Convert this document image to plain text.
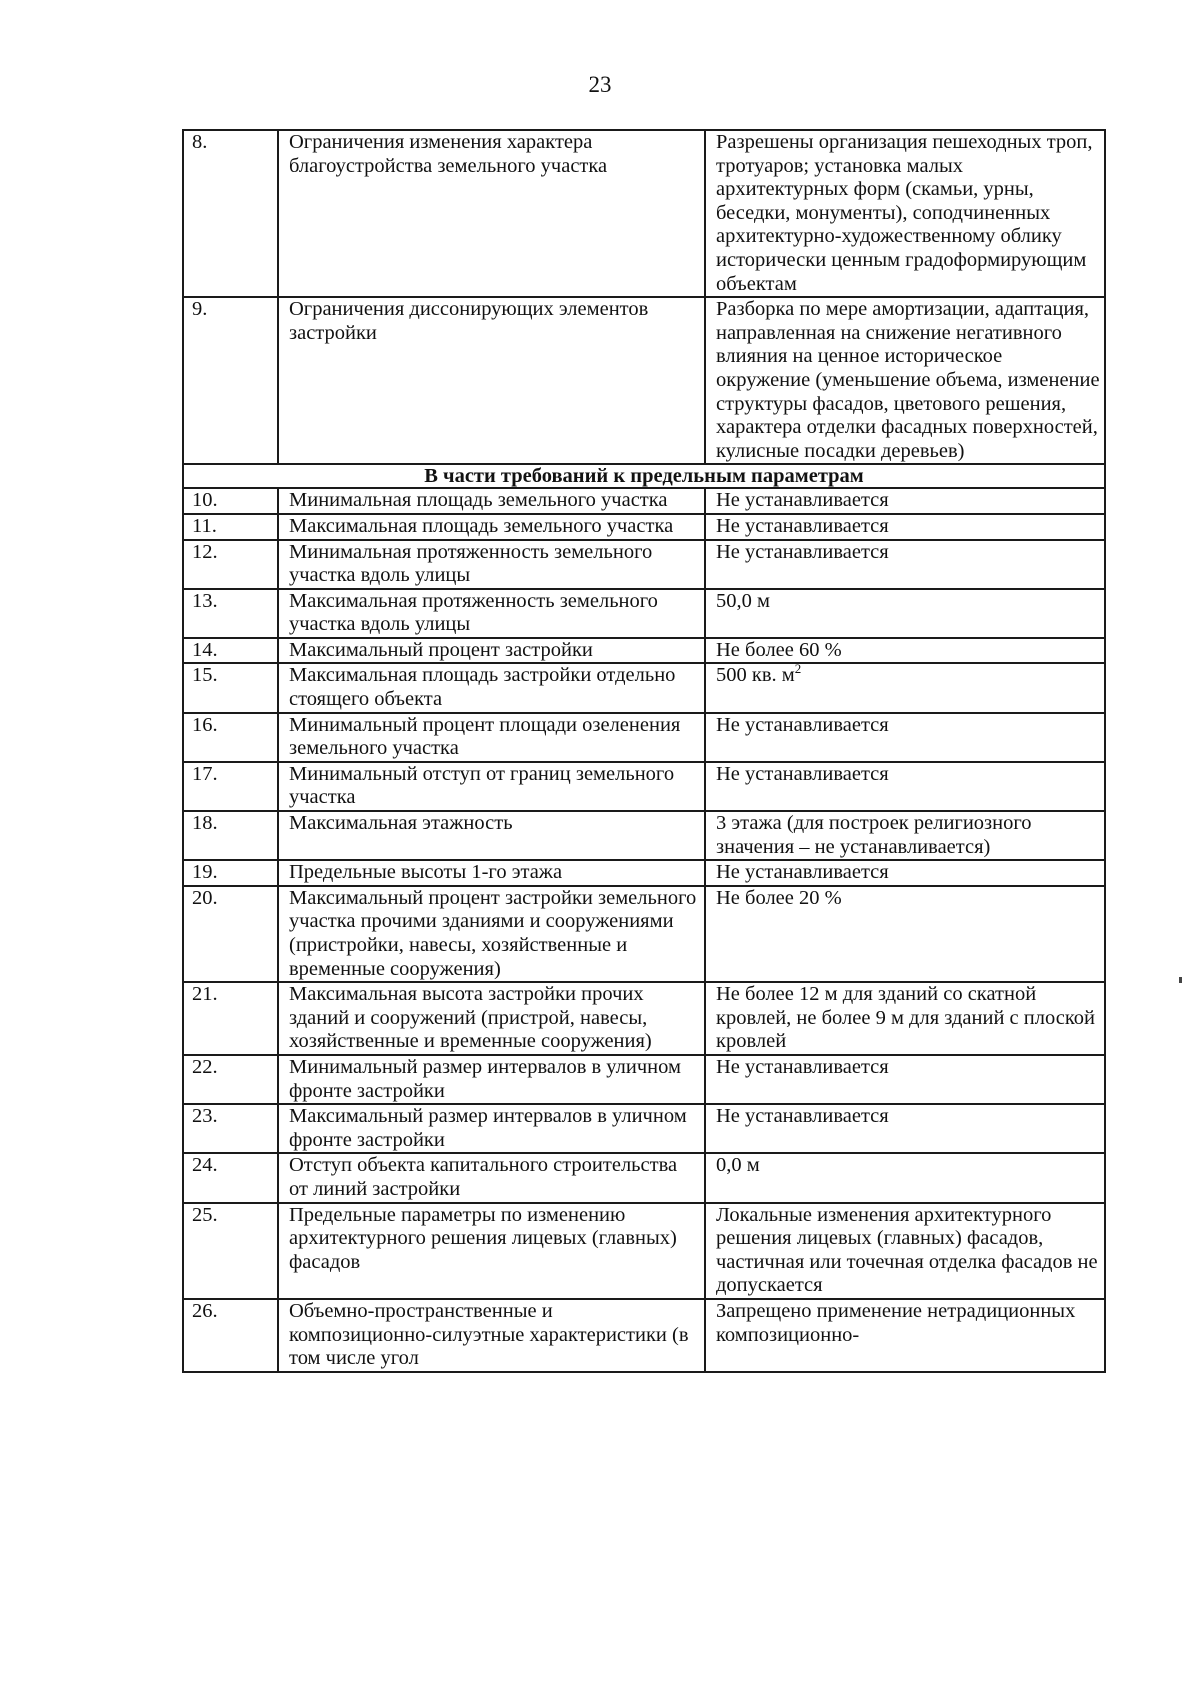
23
8.	Ограничения изменения характера благоустройства земельного участка	Разрешены организация пешеходных троп, тротуаров; установка малых архитектурных форм (скамьи, урны, беседки, монументы), соподчиненных архитектурно-художественному облику исторически ценным градоформирующим объектам
9.	Ограничения диссонирующих элементов застройки	Разборка по мере амортизации, адаптация, направленная на снижение негативного влияния на ценное историческое окружение (уменьшение объема, изменение структуры фасадов, цветового решения, характера отделки фасадных поверхностей, кулисные посадки деревьев)
В части требований к предельным параметрам		
10.	Минимальная площадь земельного участка	Не устанавливается
11.	Максимальная площадь земельного участка	Не устанавливается
12.	Минимальная протяженность земельного участка вдоль улицы	Не устанавливается
13.	Максимальная протяженность земельного участка вдоль улицы	50,0 м
14.	Максимальный процент застройки	Не более 60 %
15.	Максимальная площадь застройки отдельно стоящего объекта	500 кв. $м^2$
16.	Минимальный процент площади озеленения земельного участка	Не устанавливается
17.	Минимальный отступ от границ земельного участка	Не устанавливается
18.	Максимальная этажность	3 этажа (для построек религиозного значения – не устанавливается)
19.	Предельные высоты 1-го этажа	Не устанавливается
20.	Максимальный процент застройки земельного участка прочими зданиями и сооружениями (пристройки, навесы, хозяйственные и временные сооружения)	Не более 20 %
21.	Максимальная высота застройки прочих зданий и сооружений (пристрой, навесы, хозяйственные и временные сооружения)	Не более 12 м для зданий со скатной кровлей, не более 9 м для зданий с плоской кровлей
22.	Минимальный размер интервалов в уличном фронте застройки	Не устанавливается
23.	Максимальный размер интервалов в уличном фронте застройки	Не устанавливается
24.	Отступ объекта капитального строительства от линий застройки	0,0 м
25.	Предельные параметры по изменению архитектурного решения лицевых (главных) фасадов	Локальные изменения архитектурного решения лицевых (главных) фасадов, частичная или точечная отделка фасадов не допускается
26.	Объемно-пространственные и композиционно-силуэтные характеристики (в том числе угол	Запрещено применение нетрадиционных композиционно-
